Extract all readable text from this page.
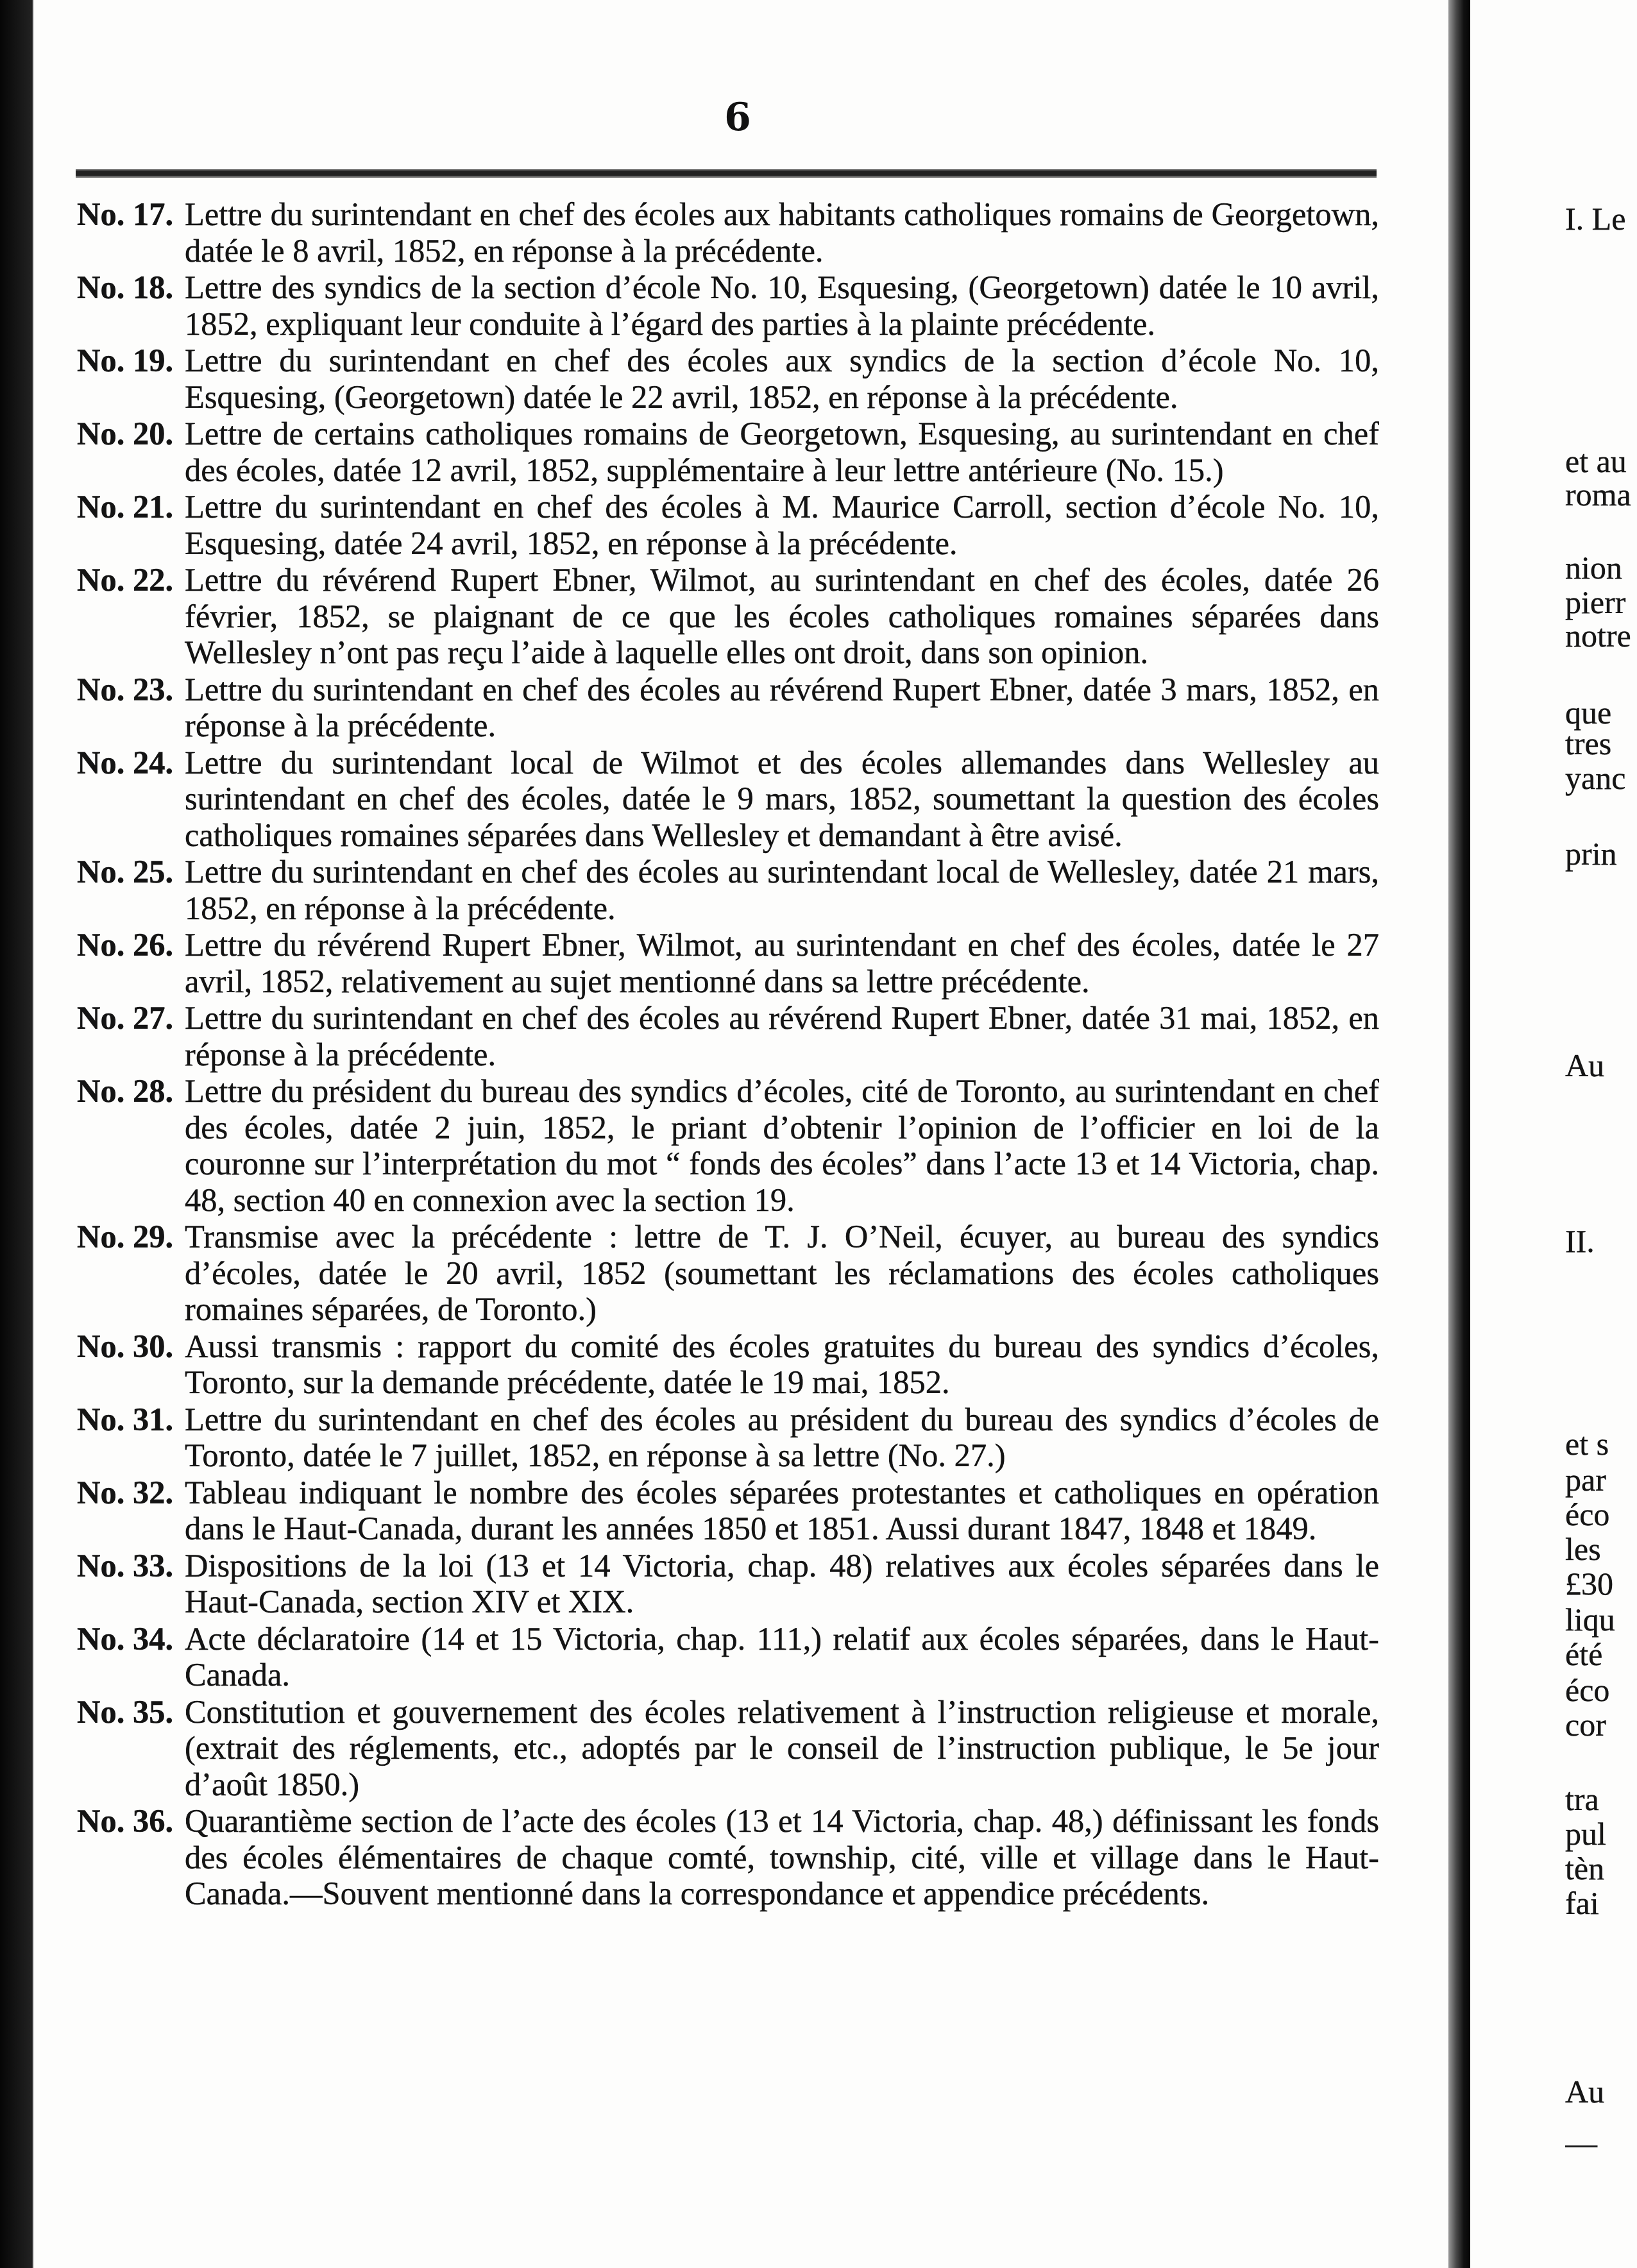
6
No. 17. Lettre du surintendant en chef des écoles aux habitants catholiques romains de Georgetown, datée le 8 avril, 1852, en réponse à la précédente.
No. 18. Lettre des syndics de la section d’école No. 10, Esquesing, (Georgetown) datée le 10 avril, 1852, expliquant leur conduite à l’égard des parties à la plainte précédente.
No. 19. Lettre du surintendant en chef des écoles aux syndics de la section d’école No. 10, Esquesing, (Georgetown) datée le 22 avril, 1852, en réponse à la précédente.
No. 20. Lettre de certains catholiques romains de Georgetown, Esquesing, au surintendant en chef des écoles, datée 12 avril, 1852, supplémentaire à leur lettre antérieure (No. 15.)
No. 21. Lettre du surintendant en chef des écoles à M. Maurice Carroll, section d’école No. 10, Esquesing, datée 24 avril, 1852, en réponse à la précédente.
No. 22. Lettre du révérend Rupert Ebner, Wilmot, au surintendant en chef des écoles, datée 26 février, 1852, se plaignant de ce que les écoles catholiques romaines séparées dans Wellesley n’ont pas reçu l’aide à laquelle elles ont droit, dans son opinion.
No. 23. Lettre du surintendant en chef des écoles au révérend Rupert Ebner, datée 3 mars, 1852, en réponse à la précédente.
No. 24. Lettre du surintendant local de Wilmot et des écoles allemandes dans Wellesley au surintendant en chef des écoles, datée le 9 mars, 1852, soumettant la question des écoles catholiques romaines séparées dans Wellesley et demandant à être avisé.
No. 25. Lettre du surintendant en chef des écoles au surintendant local de Wellesley, datée 21 mars, 1852, en réponse à la précédente.
No. 26. Lettre du révérend Rupert Ebner, Wilmot, au surintendant en chef des écoles, datée le 27 avril, 1852, relativement au sujet mentionné dans sa lettre précédente.
No. 27. Lettre du surintendant en chef des écoles au révérend Rupert Ebner, datée 31 mai, 1852, en réponse à la précédente.
No. 28. Lettre du président du bureau des syndics d’écoles, cité de Toronto, au surintendant en chef des écoles, datée 2 juin, 1852, le priant d’obtenir l’opinion de l’officier en loi de la couronne sur l’interprétation du mot “ fonds des écoles” dans l’acte 13 et 14 Victoria, chap. 48, section 40 en connexion avec la section 19.
No. 29. Transmise avec la précédente : lettre de T. J. O’Neil, écuyer, au bureau des syndics d’écoles, datée le 20 avril, 1852 (soumettant les réclamations des écoles catholiques romaines séparées, de Toronto.)
No. 30. Aussi transmis : rapport du comité des écoles gratuites du bureau des syndics d’écoles, Toronto, sur la demande précédente, datée le 19 mai, 1852.
No. 31. Lettre du surintendant en chef des écoles au président du bureau des syndics d’écoles de Toronto, datée le 7 juillet, 1852, en réponse à sa lettre (No. 27.)
No. 32. Tableau indiquant le nombre des écoles séparées protestantes et catholiques en opération dans le Haut-Canada, durant les années 1850 et 1851. Aussi durant 1847, 1848 et 1849.
No. 33. Dispositions de la loi (13 et 14 Victoria, chap. 48) relatives aux écoles séparées dans le Haut-Canada, section XIV et XIX.
No. 34. Acte déclaratoire (14 et 15 Victoria, chap. 111,) relatif aux écoles séparées, dans le Haut-Canada.
No. 35. Constitution et gouvernement des écoles relativement à l’instruction religieuse et morale, (extrait des réglements, etc., adoptés par le conseil de l’instruction publique, le 5e jour d’août 1850.)
No. 36. Quarantième section de l’acte des écoles (13 et 14 Victoria, chap. 48,) définissant les fonds des écoles élémentaires de chaque comté, township, cité, ville et village dans le Haut-Canada.—Souvent mentionné dans la correspondance et appendice précédents.
I. Le
et au
roma
nion
pierr
notre
que
tres
yanc
prin
Au
II.
et s
par
éco
les
£30
liqu
été
éco
cor
tra
pul
tèn
fai
Au
—
